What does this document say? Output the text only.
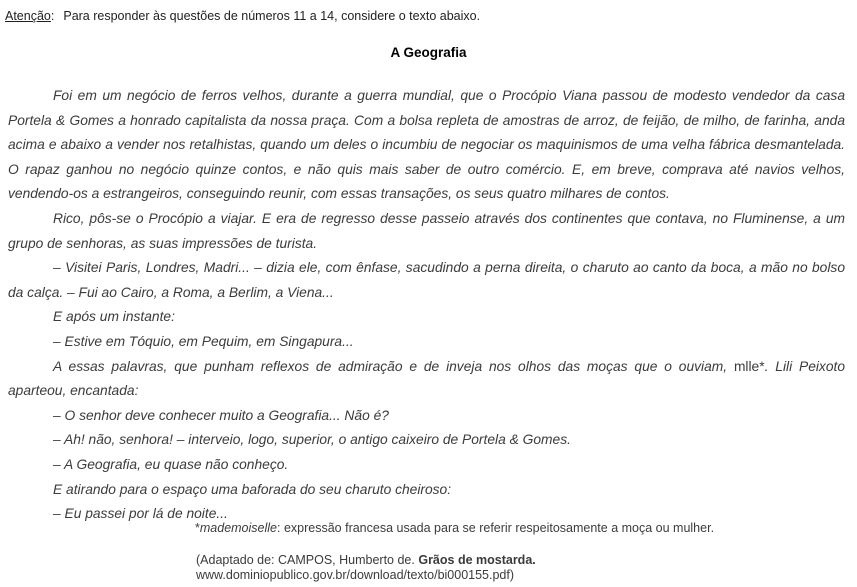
Atenção: Para responder às questões de números 11 a 14, considere o texto abaixo.
A Geografia

Foi em um negócio de ferros velhos, durante a guerra mundial, que o Procópio Viana passou de modesto vendedor da casa Portela & Gomes a honrado capitalista da nossa praça. Com a bolsa repleta de amostras de arroz, de feijão, de milho, de farinha, anda acima e abaixo a vender nos retalhistas, quando um deles o incumbiu de negociar os maquinismos de uma velha fábrica desmantelada. O rapaz ganhou no negócio quinze contos, e não quis mais saber de outro comércio. E, em breve, comprava até navios velhos, vendendo-os a estrangeiros, conseguindo reunir, com essas transações, os seus quatro milhares de contos.

Rico, pôs-se o Procópio a viajar. E era de regresso desse passeio através dos continentes que contava, no Fluminense, a um grupo de senhoras, as suas impressões de turista.

– Visitei Paris, Londres, Madri... – dizia ele, com ênfase, sacudindo a perna direita, o charuto ao canto da boca, a mão no bolso da calça. – Fui ao Cairo, a Roma, a Berlim, a Viena...

E após um instante:

– Estive em Tóquio, em Pequim, em Singapura...

A essas palavras, que punham reflexos de admiração e de inveja nos olhos das moças que o ouviam, mlle*. Lili Peixoto aparteou, encantada:

– O senhor deve conhecer muito a Geografia... Não é?

– Ah! não, senhora! – interveio, logo, superior, o antigo caixeiro de Portela & Gomes.

– A Geografia, eu quase não conheço.

E atirando para o espaço uma baforada do seu charuto cheiroso:

– Eu passei por lá de noite...

*mademoiselle: expressão francesa usada para se referir respeitosamente a moça ou mulher.
(Adaptado de: CAMPOS, Humberto de. Grãos de mostarda. www.dominiopublico.gov.br/download/texto/bi000155.pdf)
